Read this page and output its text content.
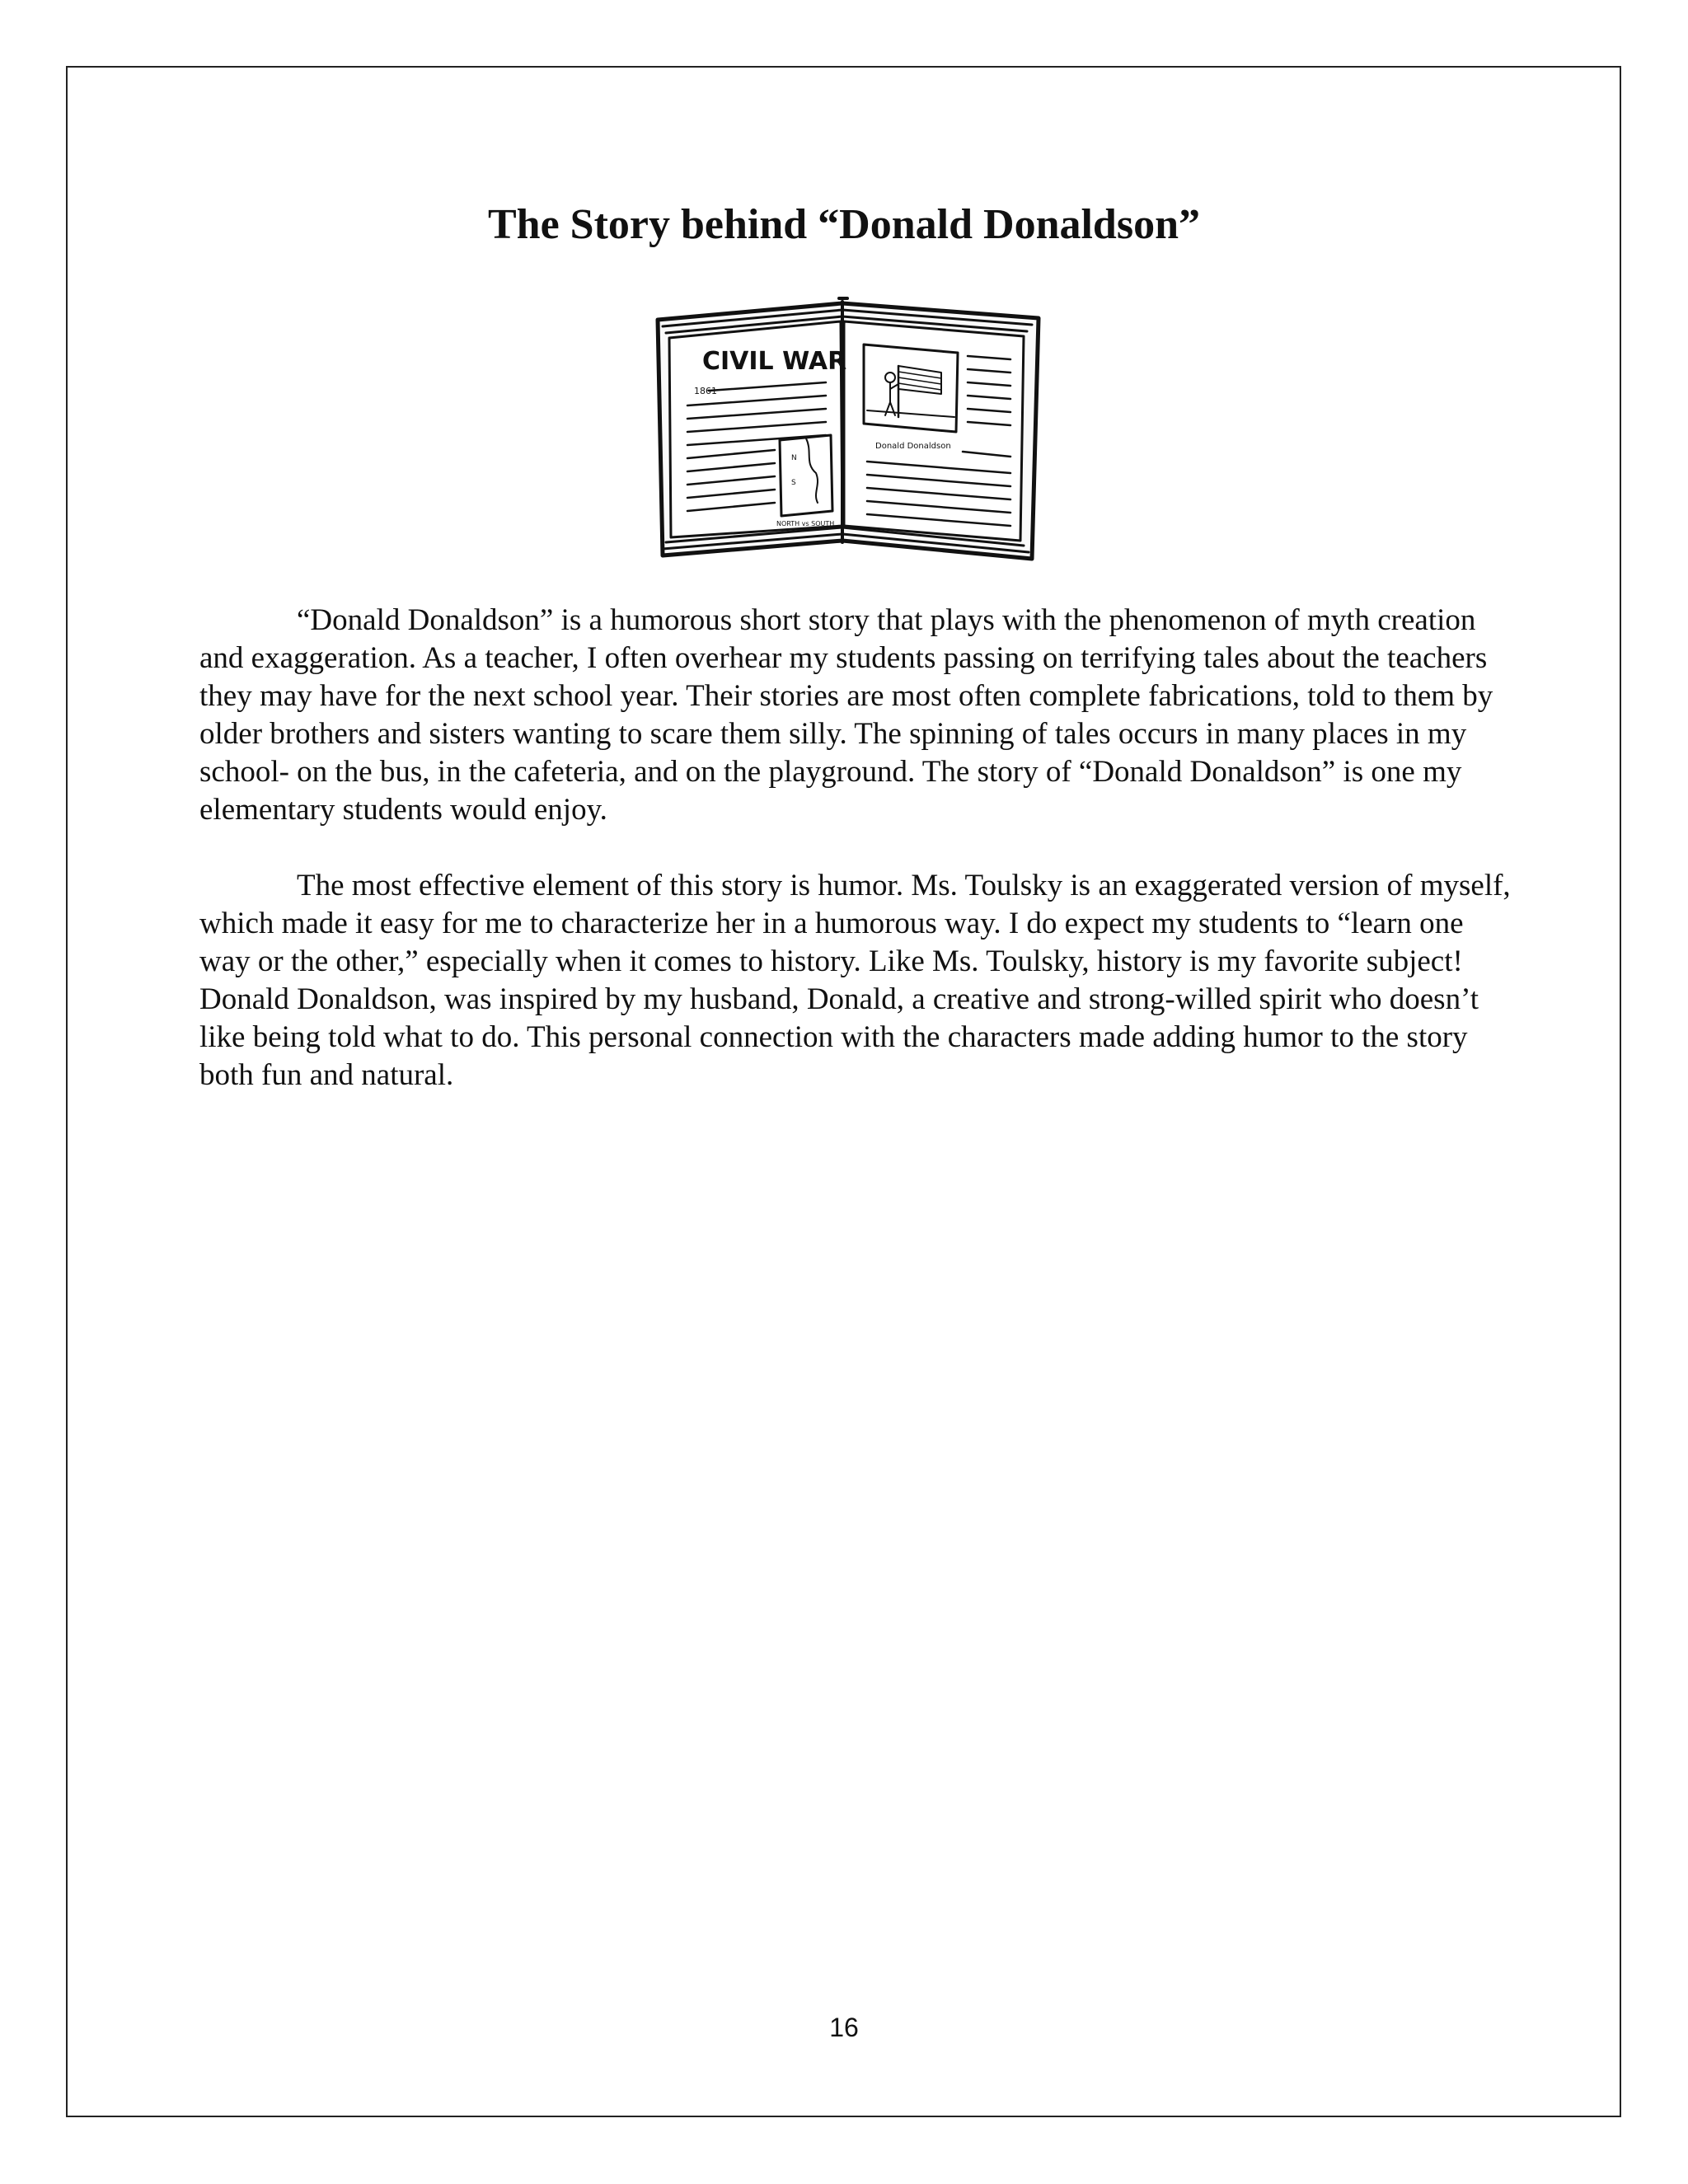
The Story behind “Donald Donaldson”
CIVIL WAR
1861
N
S
NORTH vs SOUTH
Donald Donaldson

“Donald Donaldson” is a humorous short story that plays with the phenomenon of myth creation and exaggeration. As a teacher, I often overhear my students passing on terrifying tales about the teachers they may have for the next school year. Their stories are most often complete fabrications, told to them by older brothers and sisters wanting to scare them silly. The spinning of tales occurs in many places in my school- on the bus, in the cafeteria, and on the playground. The story of “Donald Donaldson” is one my elementary students would enjoy.

The most effective element of this story is humor. Ms. Toulsky is an exaggerated version of myself, which made it easy for me to characterize her in a humorous way. I do expect my students to “learn one way or the other,” especially when it comes to history. Like Ms. Toulsky, history is my favorite subject! Donald Donaldson, was inspired by my husband, Donald, a creative and strong-willed spirit who doesn’t like being told what to do. This personal connection with the characters made adding humor to the story both fun and natural.

16
